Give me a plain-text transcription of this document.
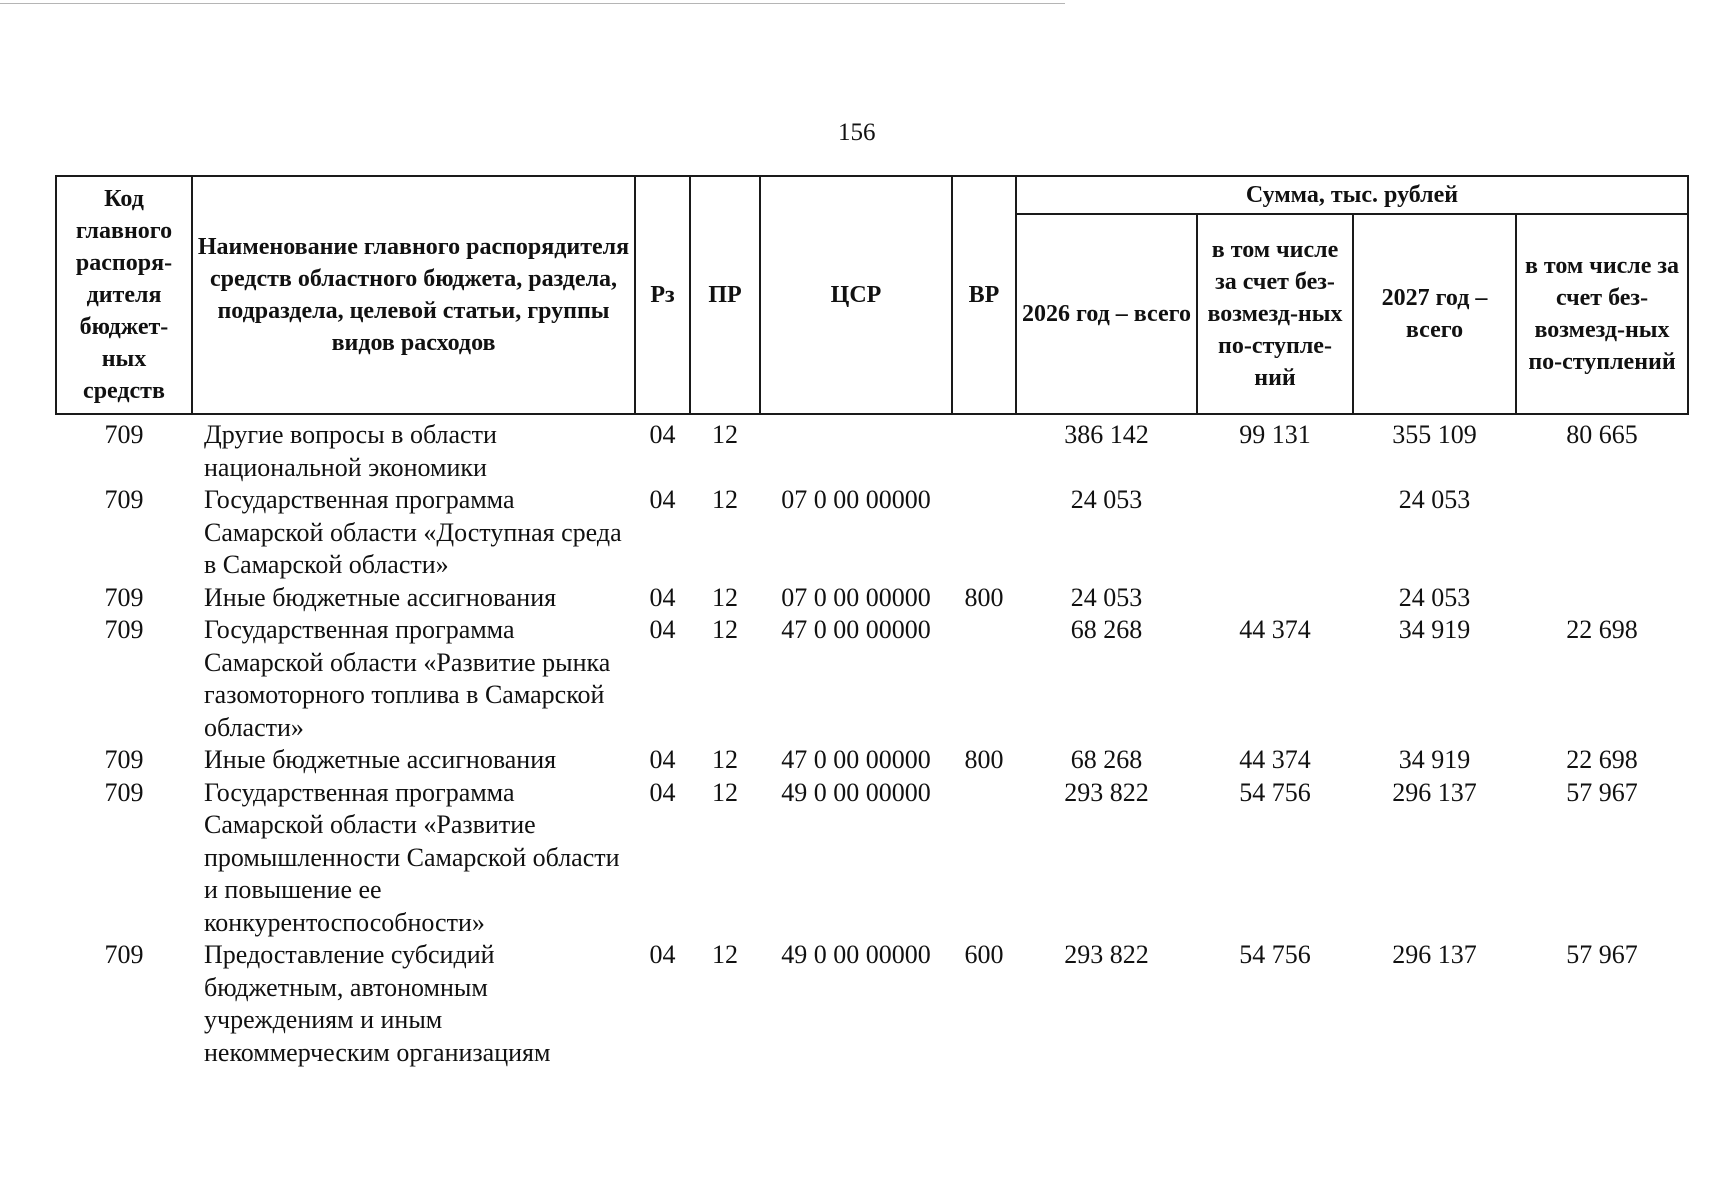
156
Код главного распоря-дителя бюджет-ных средств	Наименование главного распорядителя средств областного бюджета, раздела, подраздела, целевой статьи, группы видов расходов	Рз	ПР	ЦСР	ВР	Сумма, тыс. рублей			
						2026 год – всего	в том числе за счет без-возмезд-ных по-ступле-ний	2027 год – всего	в том числе за счет без-возмезд-ных по-ступлений
709	Другие вопросы в области национальной экономики	04	12			386 142	99 131	355 109	80 665
709	Государственная программа Самарской области «Доступная среда в Самарской области»	04	12	07 0 00 00000		24 053		24 053	
709	Иные бюджетные ассигнования	04	12	07 0 00 00000	800	24 053		24 053	
709	Государственная программа Самарской области «Развитие рынка газомоторного топлива в Самарской области»	04	12	47 0 00 00000		68 268	44 374	34 919	22 698
709	Иные бюджетные ассигнования	04	12	47 0 00 00000	800	68 268	44 374	34 919	22 698
709	Государственная программа Самарской области «Развитие промышленности Самарской области и повышение ее конкурентоспособности»	04	12	49 0 00 00000		293 822	54 756	296 137	57 967
709	Предоставление субсидий бюджетным, автономным учреждениям и иным некоммерческим организациям	04	12	49 0 00 00000	600	293 822	54 756	296 137	57 967
